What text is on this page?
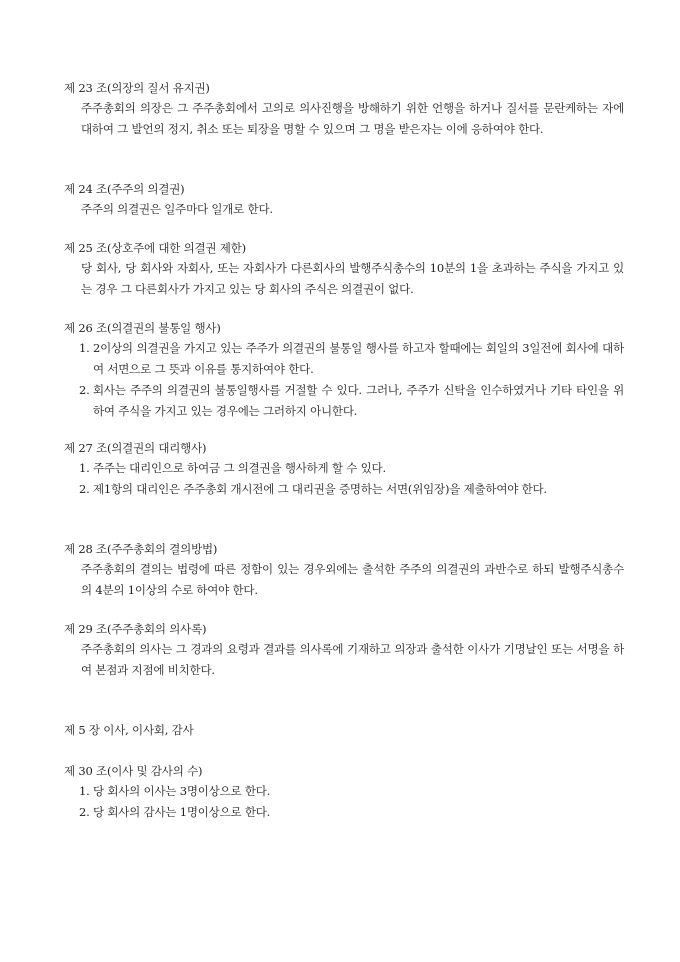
제 23 조(의장의 질서 유지권)
주주총회의 의장은 그 주주총회에서 고의로 의사진행을 방해하기 위한 언행을 하거나 질서를 문란케하는 자에 대하여 그 발언의 정지, 취소 또는 퇴장을 명할 수 있으며 그 명을 받은자는 이에 응하여야 한다.
제 24 조(주주의 의결권)
주주의 의결권은 일주마다 일개로 한다.
제 25 조(상호주에 대한 의결권 제한)
당 회사, 당 회사와 자회사, 또는 자회사가 다른회사의 발행주식총수의 10분의 1을 초과하는 주식을 가지고 있는 경우 그 다른회사가 가지고 있는 당 회사의 주식은 의결권이 없다.
제 26 조(의결권의 불통일 행사)
1. 2이상의 의결권을 가지고 있는 주주가 의결권의 불통일 행사를 하고자 할때에는 회일의 3일전에 회사에 대하여 서면으로 그 뜻과 이유를 통지하여야 한다.
2. 회사는 주주의 의결권의 불통일행사를 거절할 수 있다. 그러나, 주주가 신탁을 인수하였거나 기타 타인을 위하여 주식을 가지고 있는 경우에는 그러하지 아니한다.
제 27 조(의결권의 대리행사)
1. 주주는 대리인으로 하여금 그 의결권을 행사하게 할 수 있다.
2. 제1항의 대리인은 주주총회 개시전에 그 대리권을 증명하는 서면(위임장)을 제출하여야 한다.
제 28 조(주주총회의 결의방법)
주주총회의 결의는 법령에 따른 정함이 있는 경우외에는 출석한 주주의 의결권의 과반수로 하되 발행주식총수의 4분의 1이상의 수로 하여야 한다.
제 29 조(주주총회의 의사록)
주주총회의 의사는 그 경과의 요령과 결과를 의사록에 기재하고 의장과 출석한 이사가 기명날인 또는 서명을 하여 본점과 지점에 비치한다.
제 5 장 이사, 이사회, 감사
제 30 조(이사 및 감사의 수)
1. 당 회사의 이사는 3명이상으로 한다.
2. 당 회사의 감사는 1명이상으로 한다.
